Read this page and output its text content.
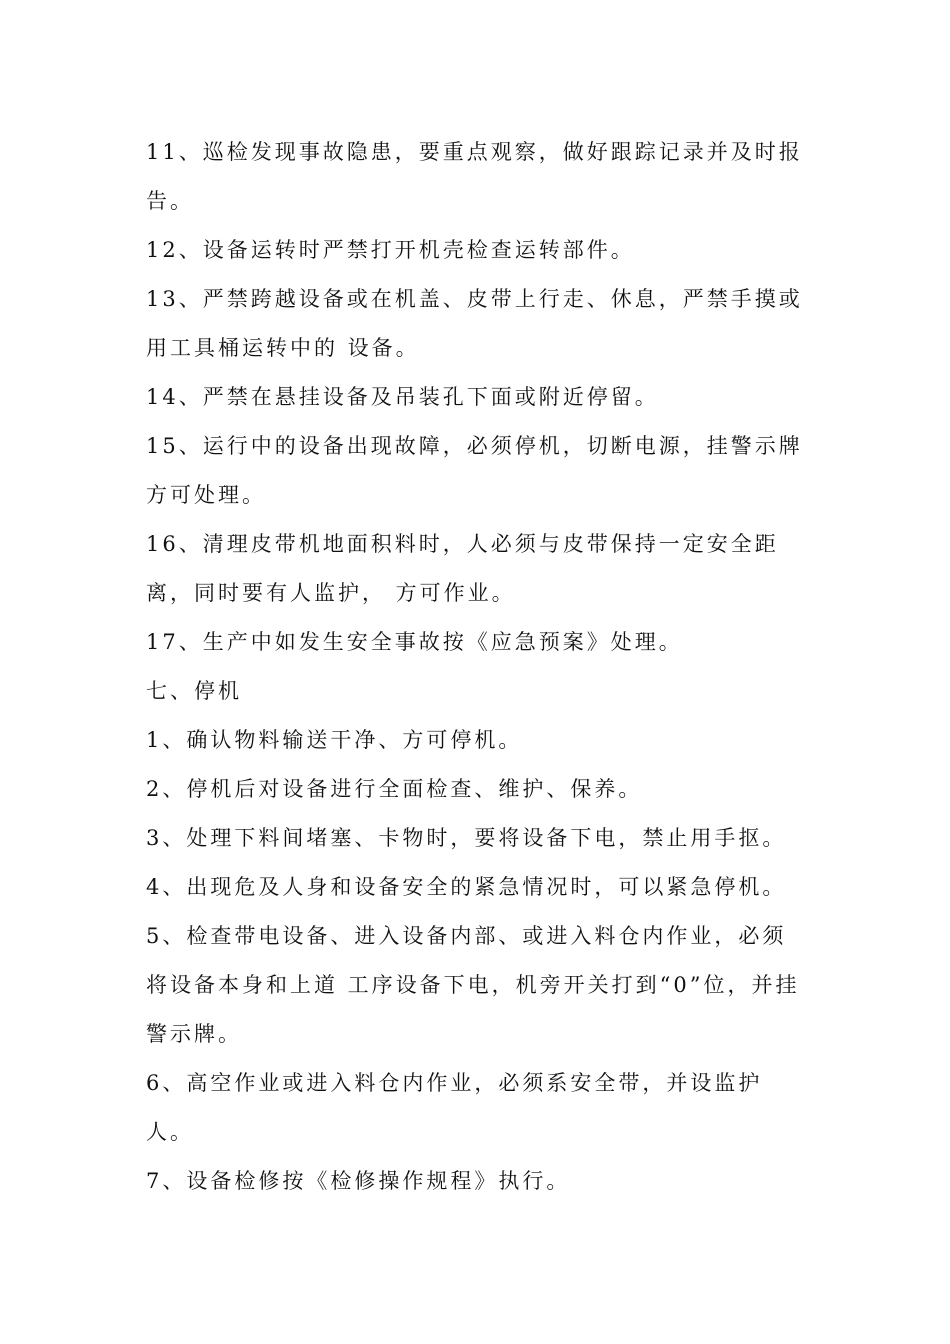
11、巡检发现事故隐患，要重点观察，做好跟踪记录并及时报告。

12、设备运转时严禁打开机壳检查运转部件。

13、严禁跨越设备或在机盖、皮带上行走、休息，严禁手摸或用工具桶运转中的 设备。

14、严禁在悬挂设备及吊装孔下面或附近停留。

15、运行中的设备出现故障，必须停机，切断电源，挂警示牌方可处理。

16、清理皮带机地面积料时，人必须与皮带保持一定安全距离，同时要有人监护， 方可作业。

17、生产中如发生安全事故按《应急预案》处理。

七、停机

1、确认物料输送干净、方可停机。

2、停机后对设备进行全面检查、维护、保养。

3、处理下料间堵塞、卡物时，要将设备下电，禁止用手抠。

4、出现危及人身和设备安全的紧急情况时，可以紧急停机。

5、检查带电设备、进入设备内部、或进入料仓内作业，必须将设备本身和上道 工序设备下电，机旁开关打到“0”位，并挂警示牌。

6、高空作业或进入料仓内作业，必须系安全带，并设监护人。

7、设备检修按《检修操作规程》执行。
